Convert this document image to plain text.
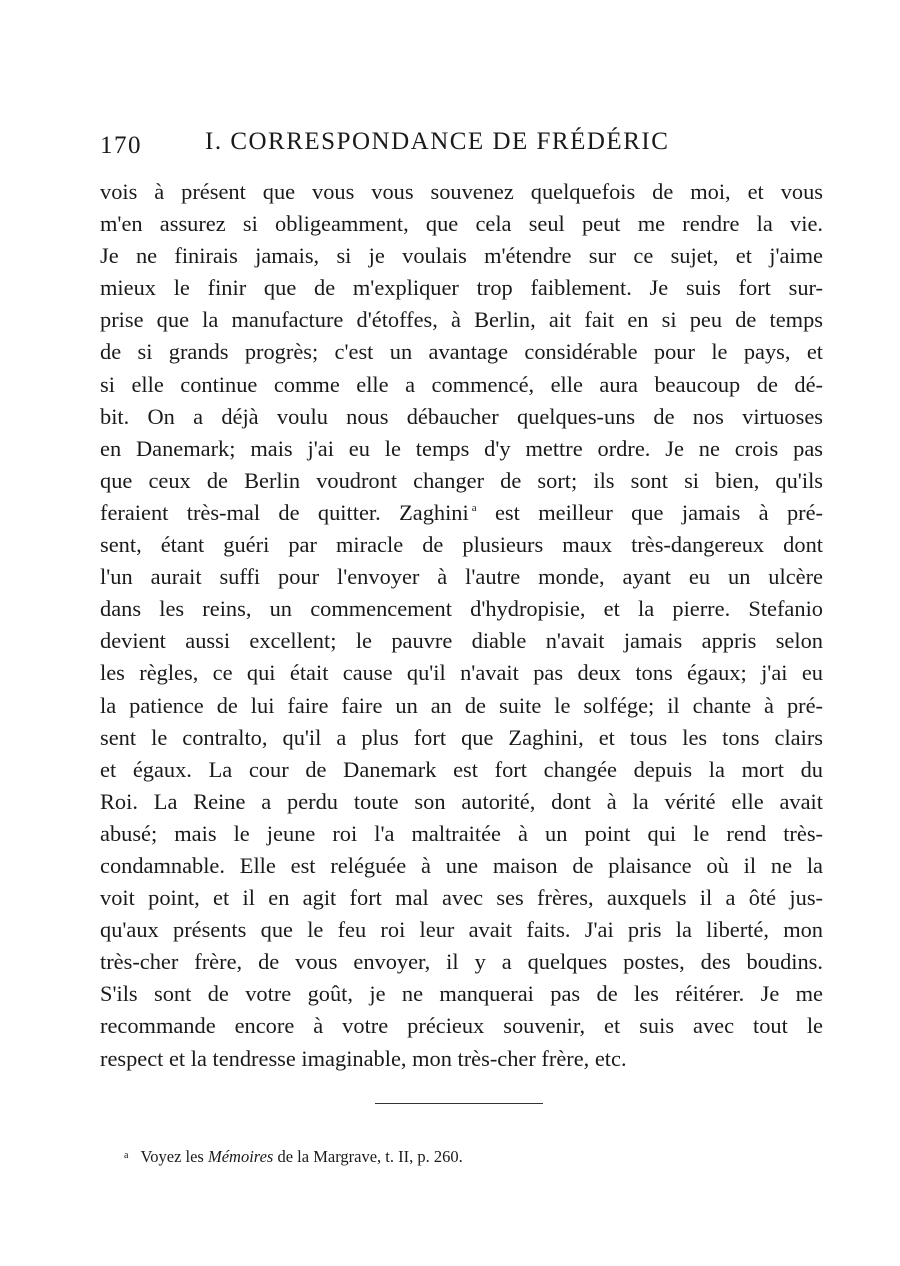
170	I. CORRESPONDANCE DE FRÉDÉRIC
vois à présent que vous vous souvenez quelquefois de moi, et vous
m'en assurez si obligeamment, que cela seul peut me rendre la vie.
Je ne finirais jamais, si je voulais m'étendre sur ce sujet, et j'aime
mieux le finir que de m'expliquer trop faiblement. Je suis fort sur-
prise que la manufacture d'étoffes, à Berlin, ait fait en si peu de temps
de si grands progrès; c'est un avantage considérable pour le pays, et
si elle continue comme elle a commencé, elle aura beaucoup de dé-
bit. On a déjà voulu nous débaucher quelques-uns de nos virtuoses
en Danemark; mais j'ai eu le temps d'y mettre ordre. Je ne crois pas
que ceux de Berlin voudront changer de sort; ils sont si bien, qu'ils
feraient très-mal de quitter. Zaghini $^a$ est meilleur que jamais à pré-
sent, étant guéri par miracle de plusieurs maux très-dangereux dont
l'un aurait suffi pour l'envoyer à l'autre monde, ayant eu un ulcère
dans les reins, un commencement d'hydropisie, et la pierre. Stefanio
devient aussi excellent; le pauvre diable n'avait jamais appris selon
les règles, ce qui était cause qu'il n'avait pas deux tons égaux; j'ai eu
la patience de lui faire faire un an de suite le solfége; il chante à pré-
sent le contralto, qu'il a plus fort que Zaghini, et tous les tons clairs
et égaux. La cour de Danemark est fort changée depuis la mort du
Roi. La Reine a perdu toute son autorité, dont à la vérité elle avait
abusé; mais le jeune roi l'a maltraitée à un point qui le rend très-
condamnable. Elle est reléguée à une maison de plaisance où il ne la
voit point, et il en agit fort mal avec ses frères, auxquels il a ôté jus-
qu'aux présents que le feu roi leur avait faits. J'ai pris la liberté, mon
très-cher frère, de vous envoyer, il y a quelques postes, des boudins.
S'ils sont de votre goût, je ne manquerai pas de les réitérer. Je me
recommande encore à votre précieux souvenir, et suis avec tout le
respect et la tendresse imaginable, mon très-cher frère, etc.
$^a$ Voyez les Mémoires de la Margrave, t. II, p. 260.
